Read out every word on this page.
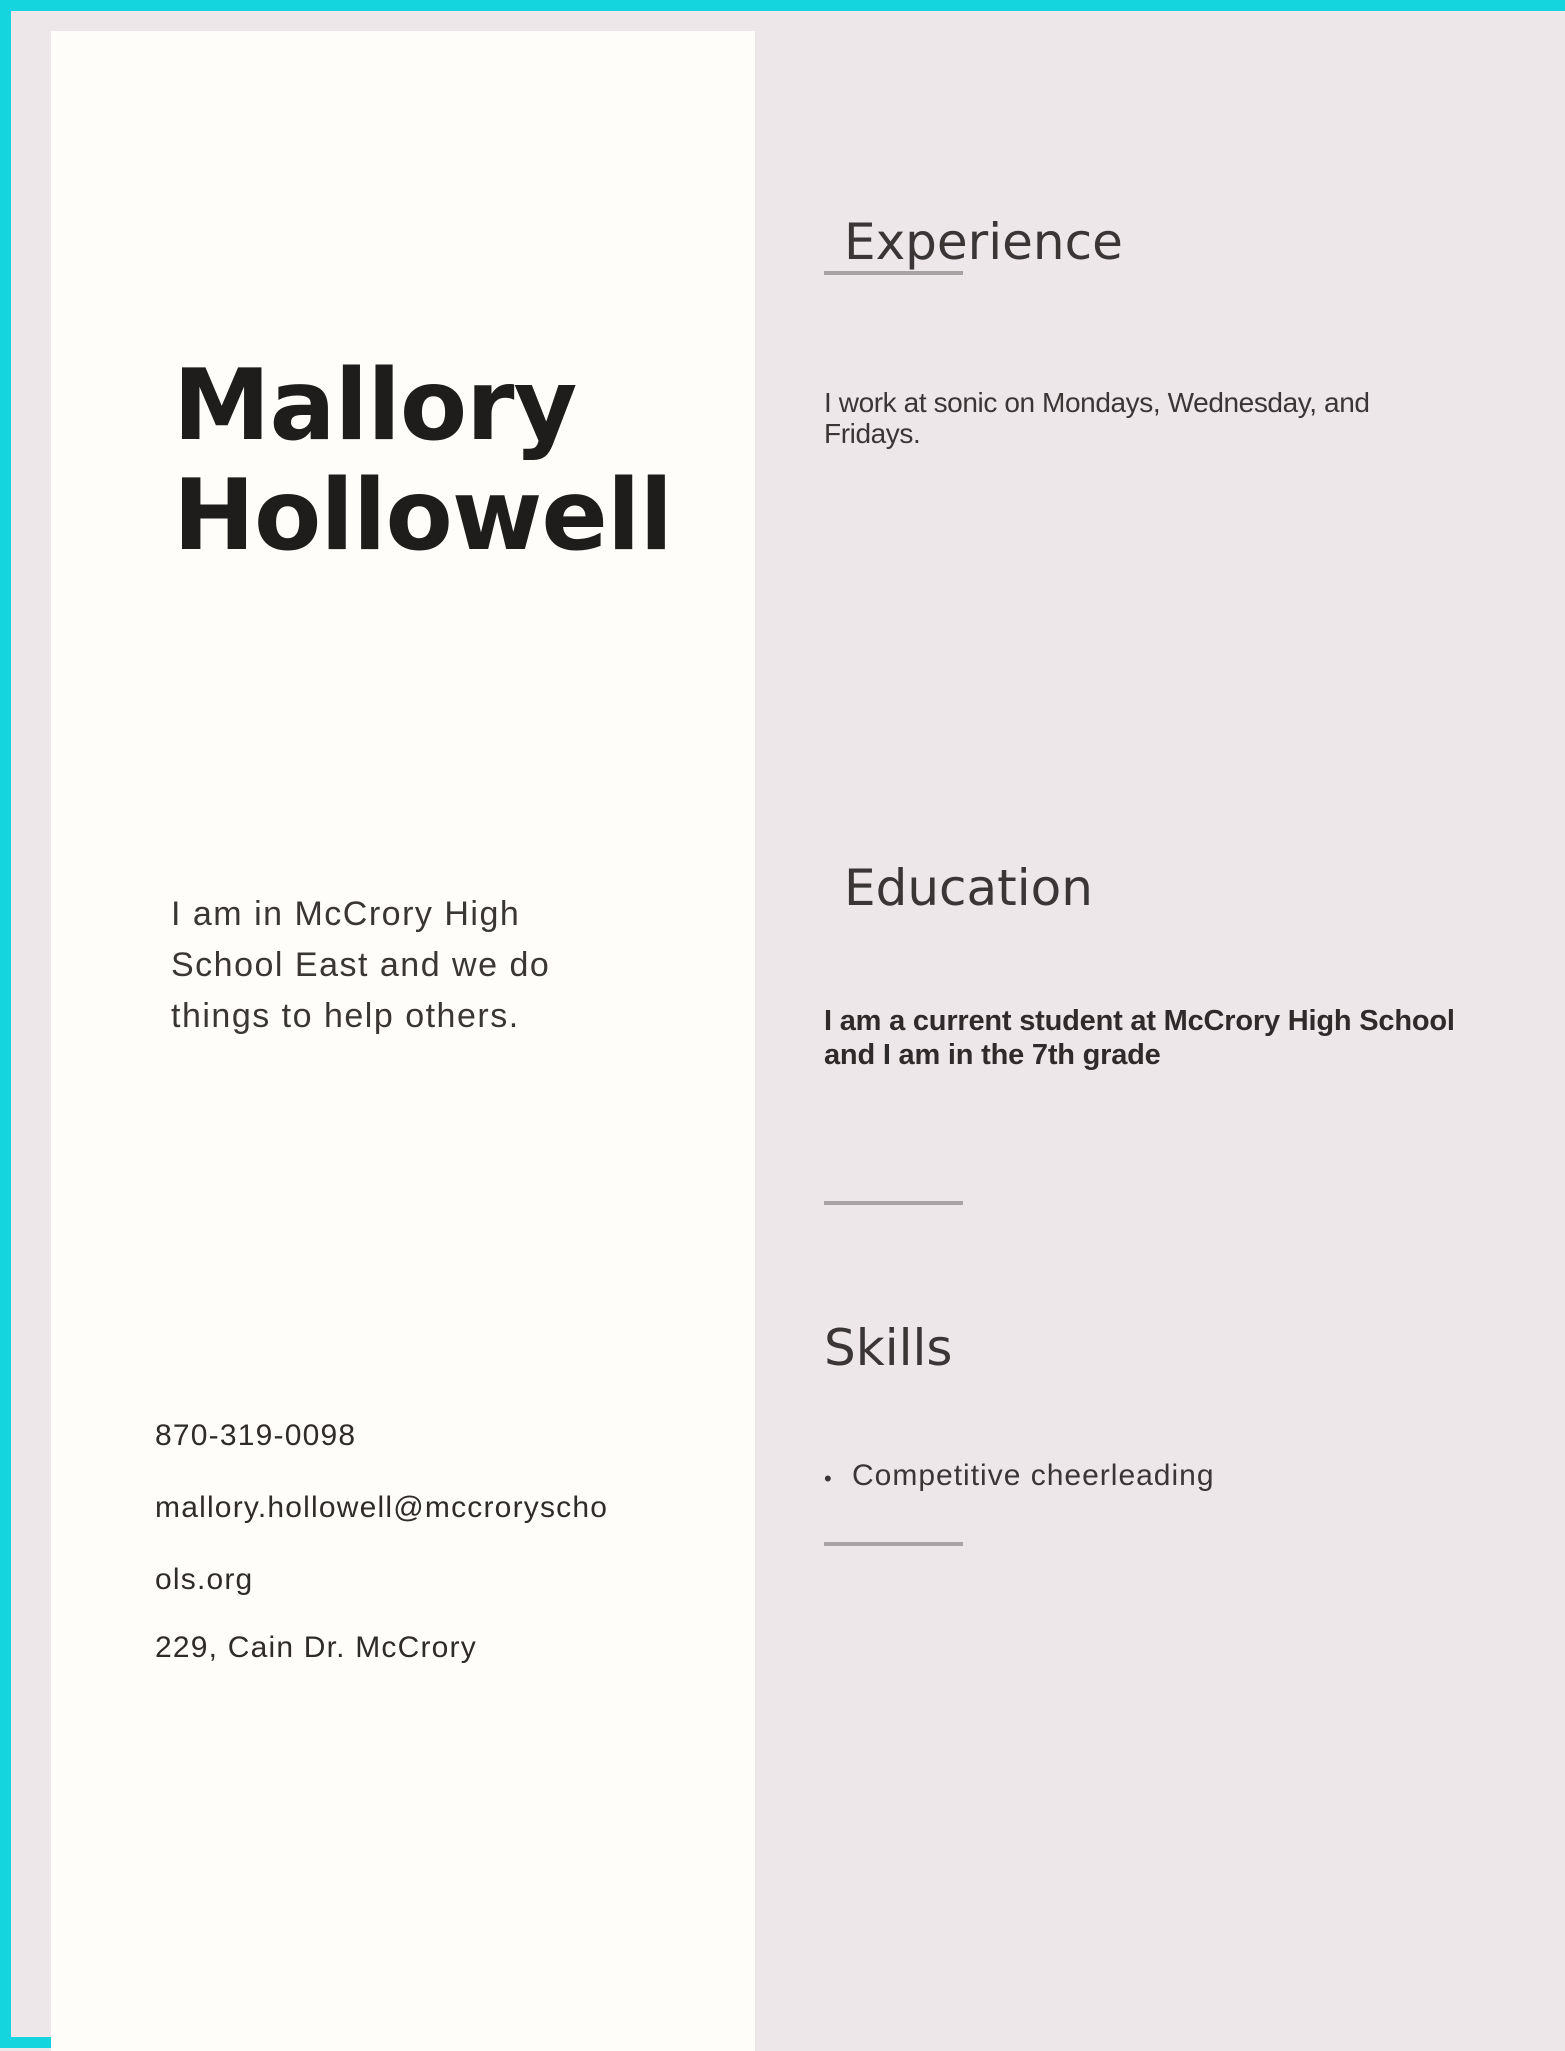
Mallory
Hollowell

I am in McCrory High School East and we do things to help others.

870-319-0098

mallory.hollowell@mccroryscho

ols.org

229, Cain Dr. McCrory

Experience

I work at sonic on Mondays, Wednesday, and Fridays.

Education

I am a current student at McCrory High School and I am in the 7th grade

Skills
• Competitive cheerleading
